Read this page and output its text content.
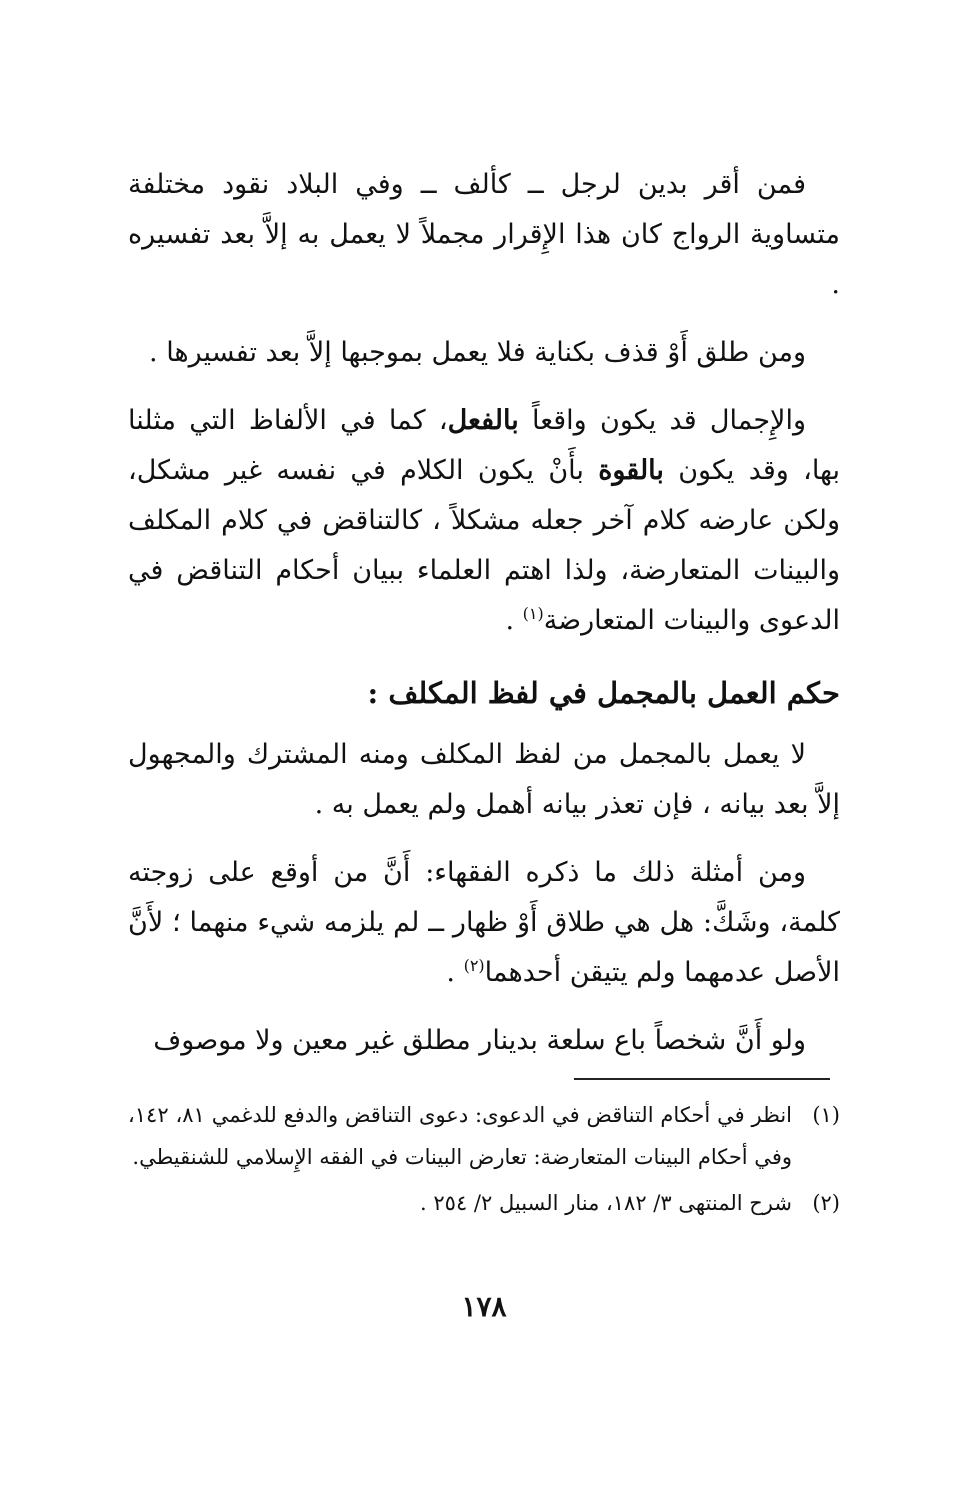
فمن أقر بدين لرجل ــ كألف ــ وفي البلاد نقود مختلفة متساوية الرواج كان هذا الإِقرار مجملاً لا يعمل به إلاَّ بعد تفسيره .

ومن طلق أَوْ قذف بكناية فلا يعمل بموجبها إلاَّ بعد تفسيرها .

والإِجمال قد يكون واقعاً بالفعل، كما في الألفاظ التي مثلنا بها، وقد يكون بالقوة بأَنْ يكون الكلام في نفسه غير مشكل، ولكن عارضه كلام آخر جعله مشكلاً ، كالتناقض في كلام المكلف والبينات المتعارضة، ولذا اهتم العلماء ببيان أحكام التناقض في الدعوى والبينات المتعارضة$^{(١)}$ .

حكم العمل بالمجمل في لفظ المكلف :

لا يعمل بالمجمل من لفظ المكلف ومنه المشترك والمجهول إلاَّ بعد بيانه ، فإن تعذر بيانه أهمل ولم يعمل به .

ومن أمثلة ذلك ما ذكره الفقهاء: أَنَّ من أوقع على زوجته كلمة، وشَكَّ: هل هي طلاق أَوْ ظهار ــ لم يلزمه شيء منهما ؛ لأَنَّ الأصل عدمهما ولم يتيقن أحدهما$^{(٢)}$ .

ولو أَنَّ شخصاً باع سلعة بدينار مطلق غير معين ولا موصوف

(١)
انظر في أحكام التناقض في الدعوى: دعوى التناقض والدفع للدغمي ٨١، ١٤٢، وفي أحكام البينات المتعارضة: تعارض البينات في الفقه الإِسلامي للشنقيطي.

(٢)
شرح المنتهى ٣/ ١٨٢، منار السبيل ٢/ ٢٥٤ .

١٧٨
